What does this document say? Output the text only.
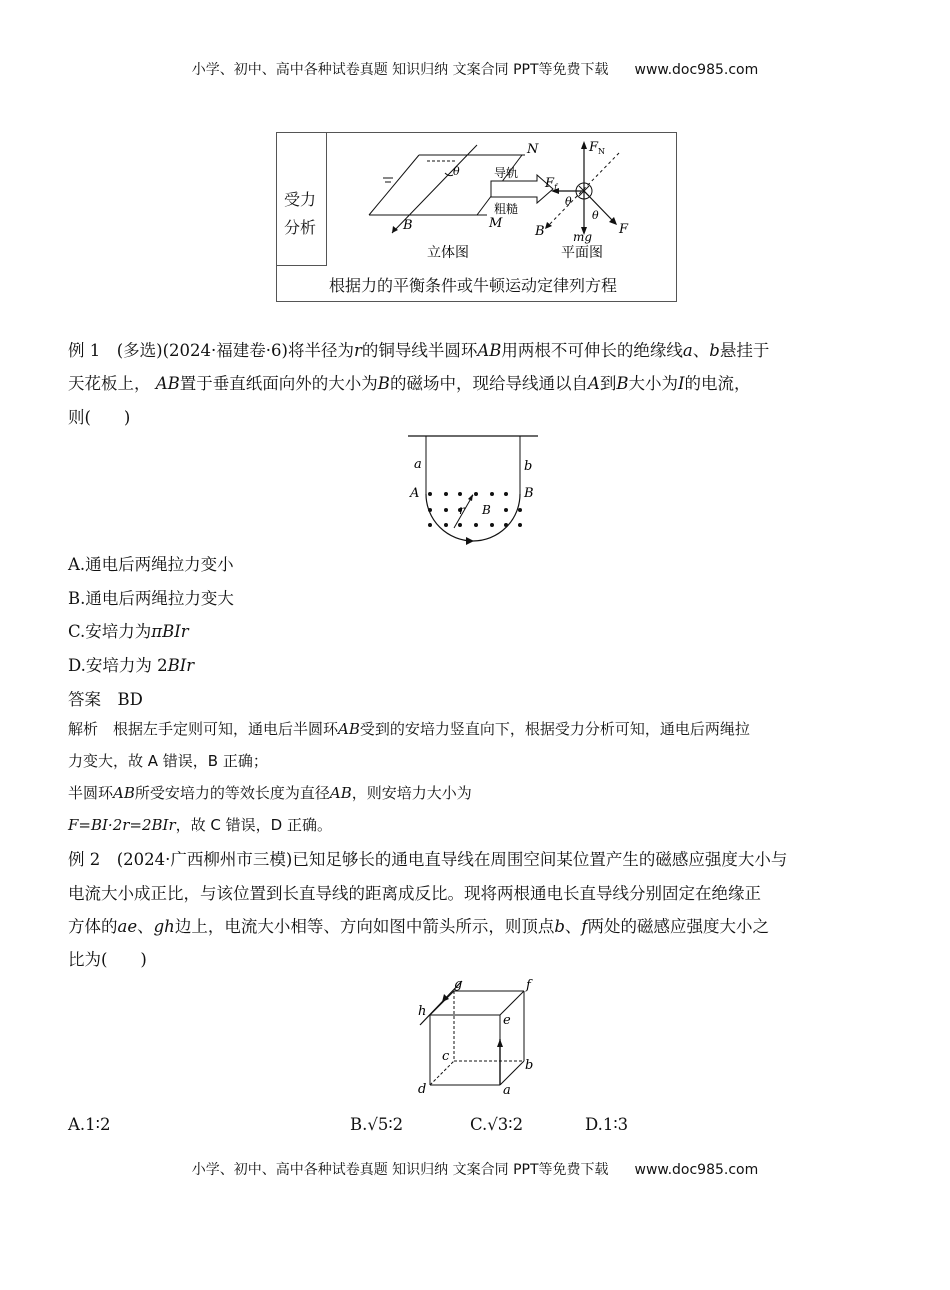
小学、初中、高中各种试卷真题 知识归纳 文案合同 PPT等免费下载 www.doc985.com
受力
分析
N
M
B
θ
立体图
导轨
粗糙
$F_N$
$F_f$
θ
θ
F
mg
B
平面图
根据力的平衡条件或牛顿运动定律列方程
例 1　 (多选)(2024·福建卷·6)将半径为r的铜导线半圆环AB用两根不可伸长的绝缘线a、b悬挂于
天花板上， AB置于垂直纸面向外的大小为B的磁场中，现给导线通以自A到B大小为I的电流，
则(　　)
a	b
A	B
r B
A.通电后两绳拉力变小
B.通电后两绳拉力变大
C.安培力为πBIr
D.安培力为 2BIr
答案　 BD
解析　 根据左手定则可知，通电后半圆环AB受到的安培力竖直向下，根据受力分析可知，通电后两绳拉
力变大，故 A 错误，B 正确；
半圆环AB所受安培力的等效长度为直径AB，则安培力大小为
F=BI·2r=2BIr，故 C 错误，D 正确。
例 2　 (2024·广西柳州市三模)已知足够长的通电直导线在周围空间某位置产生的磁感应强度大小与
电流大小成正比，与该位置到长直导线的距离成反比。现将两根通电长直导线分别固定在绝缘正
方体的ae、gh边上，电流大小相等、方向如图中箭头所示，则顶点b、f两处的磁感应强度大小之
比为(　　)
g	f
h
e
c
b
d	a
A.1∶2	B.√5∶2	C.√3∶2	D.1∶3
小学、初中、高中各种试卷真题 知识归纳 文案合同 PPT等免费下载 www.doc985.com
